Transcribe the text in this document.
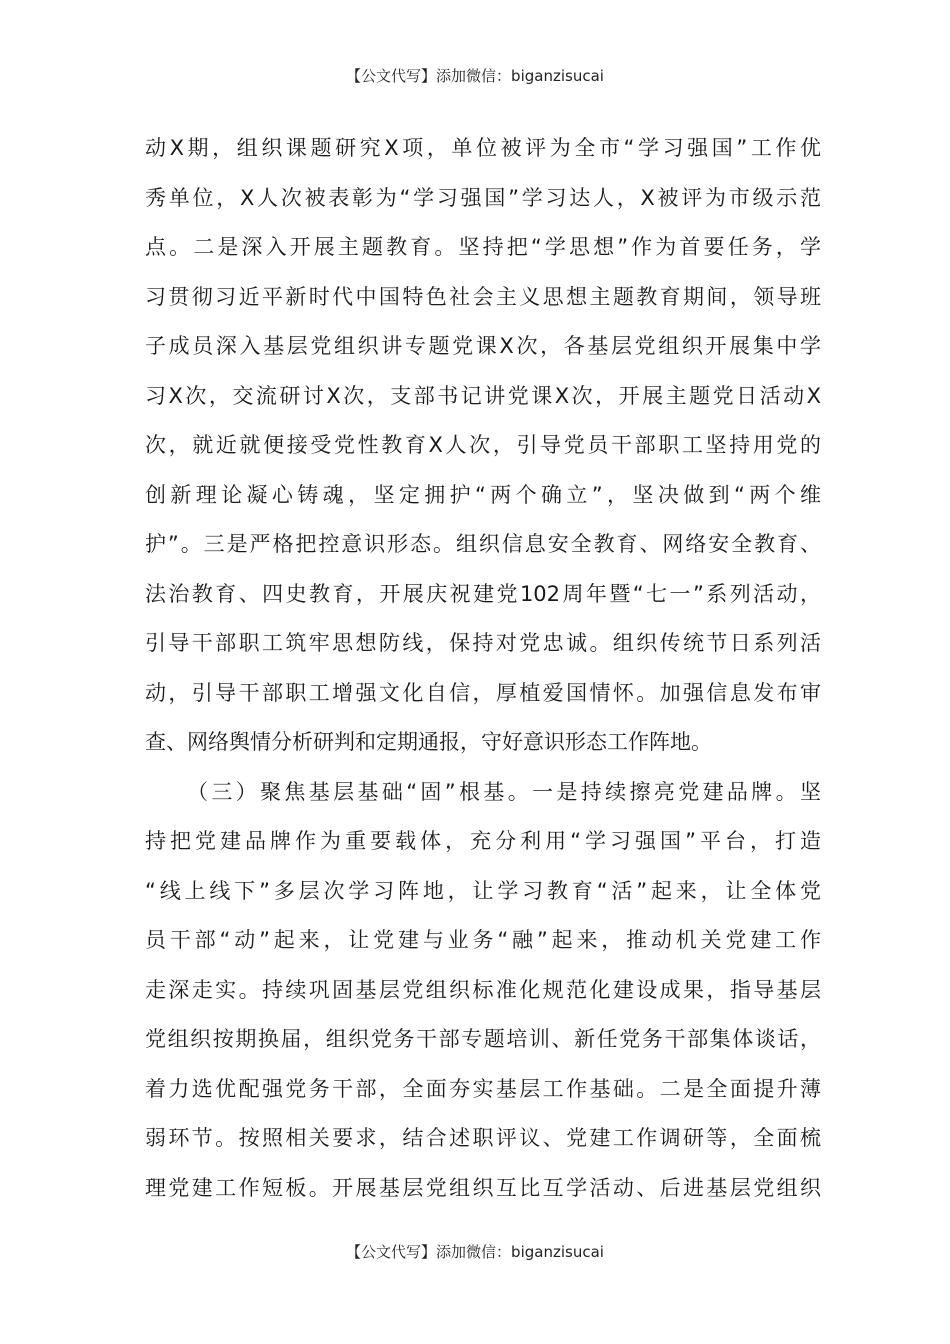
【公文代写】添加微信：biganzisucai
动X期，组织课题研究X项，单位被评为全市“学习强国”工作优
秀单位，X人次被表彰为“学习强国”学习达人，X被评为市级示范
点。二是深入开展主题教育。坚持把“学思想”作为首要任务，学
习贯彻习近平新时代中国特色社会主义思想主题教育期间，领导班
子成员深入基层党组织讲专题党课X次，各基层党组织开展集中学
习X次，交流研讨X次，支部书记讲党课X次，开展主题党日活动X
次，就近就便接受党性教育X人次，引导党员干部职工坚持用党的
创新理论凝心铸魂，坚定拥护“两个确立”，坚决做到“两个维
护”。三是严格把控意识形态。组织信息安全教育、网络安全教育、
法治教育、四史教育，开展庆祝建党102周年暨“七一”系列活动，
引导干部职工筑牢思想防线，保持对党忠诚。组织传统节日系列活
动，引导干部职工增强文化自信，厚植爱国情怀。加强信息发布审
查、网络舆情分析研判和定期通报，守好意识形态工作阵地。
（三）聚焦基层基础“固”根基。一是持续擦亮党建品牌。坚
持把党建品牌作为重要载体，充分利用“学习强国”平台，打造
“线上线下”多层次学习阵地，让学习教育“活”起来，让全体党
员干部“动”起来，让党建与业务“融”起来，推动机关党建工作
走深走实。持续巩固基层党组织标准化规范化建设成果，指导基层
党组织按期换届，组织党务干部专题培训、新任党务干部集体谈话，
着力选优配强党务干部，全面夯实基层工作基础。二是全面提升薄
弱环节。按照相关要求，结合述职评议、党建工作调研等，全面梳
理党建工作短板。开展基层党组织互比互学活动、后进基层党组织
【公文代写】添加微信：biganzisucai
